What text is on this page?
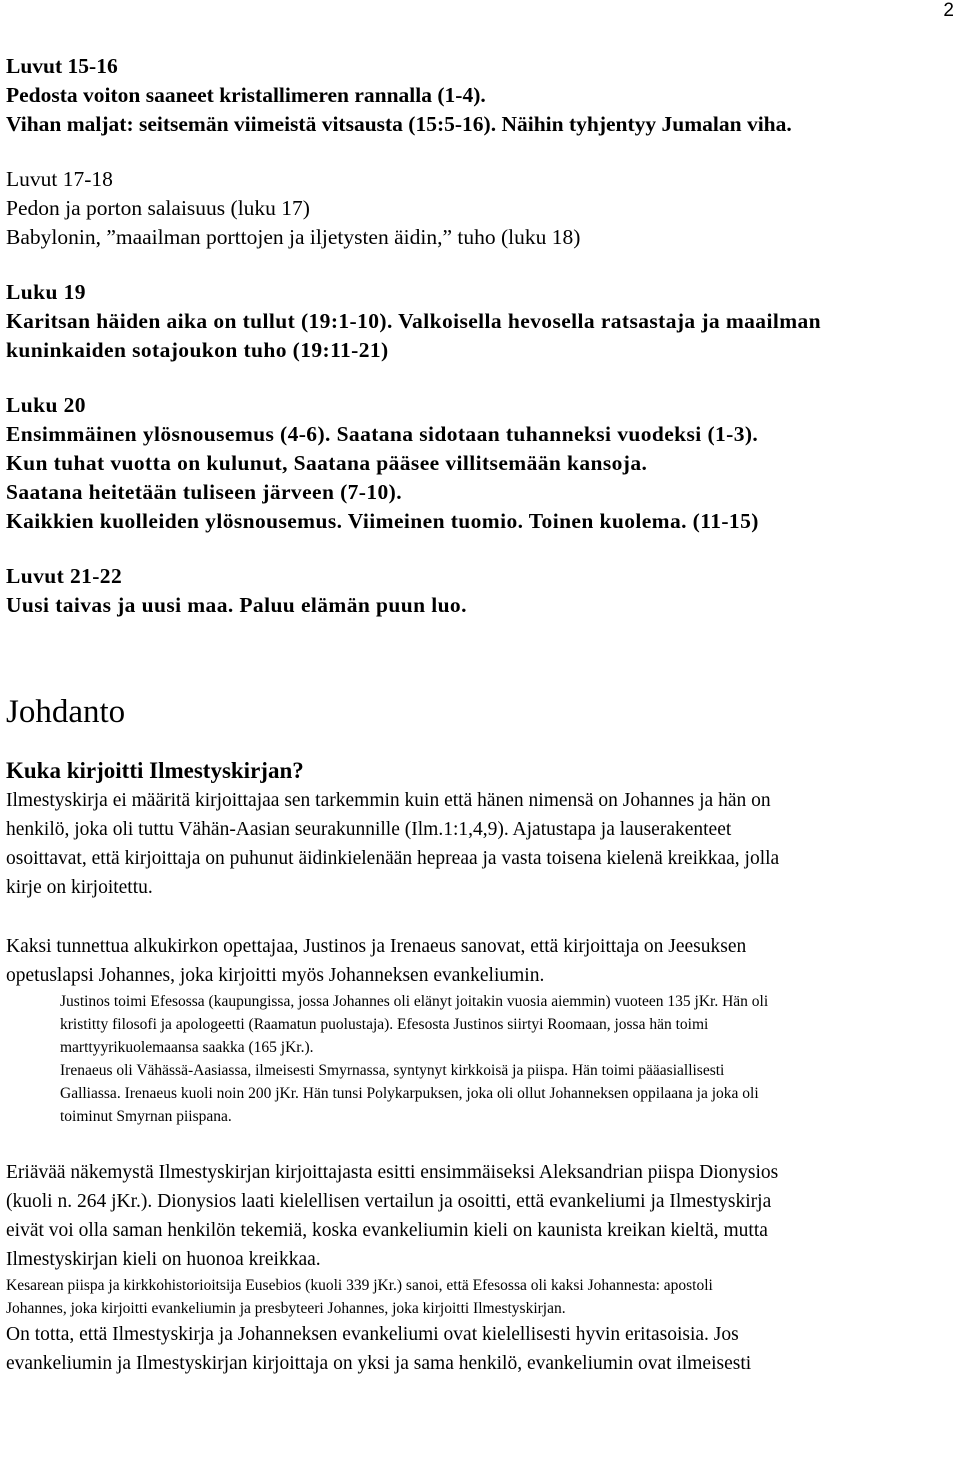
2
Luvut 15-16
Pedosta voiton saaneet kristallimeren rannalla (1-4).
Vihan maljat: seitsemän viimeistä vitsausta (15:5-16). Näihin tyhjentyy Jumalan viha.
Luvut 17-18
Pedon ja porton salaisuus (luku 17)
Babylonin, ”maailman porttojen ja iljetysten äidin,” tuho (luku 18)
Luku 19
Karitsan häiden aika on tullut (19:1-10). Valkoisella hevosella ratsastaja ja maailman
kuninkaiden sotajoukon tuho (19:11-21)
Luku 20
Ensimmäinen ylösnousemus (4-6). Saatana sidotaan tuhanneksi vuodeksi (1-3).
Kun tuhat vuotta on kulunut, Saatana pääsee villitsemään kansoja.
Saatana heitetään tuliseen järveen (7-10).
Kaikkien kuolleiden ylösnousemus. Viimeinen tuomio. Toinen kuolema. (11-15)
Luvut 21-22
Uusi taivas ja uusi maa. Paluu elämän puun luo.
Johdanto
Kuka kirjoitti Ilmestyskirjan?
Ilmestyskirja ei määritä kirjoittajaa sen tarkemmin kuin että hänen nimensä on Johannes ja hän on
henkilö, joka oli tuttu Vähän-Aasian seurakunnille (Ilm.1:1,4,9). Ajatustapa ja lauserakenteet
osoittavat, että kirjoittaja on puhunut äidinkielenään hepreaa ja vasta toisena kielenä kreikkaa, jolla
kirje on kirjoitettu.
Kaksi tunnettua alkukirkon opettajaa, Justinos ja Irenaeus sanovat, että kirjoittaja on Jeesuksen
opetuslapsi Johannes, joka kirjoitti myös Johanneksen evankeliumin.
Justinos toimi Efesossa (kaupungissa, jossa Johannes oli elänyt joitakin vuosia aiemmin) vuoteen 135 jKr. Hän oli
kristitty filosofi ja apologeetti (Raamatun puolustaja). Efesosta Justinos siirtyi Roomaan, jossa hän toimi
marttyyrikuolemaansa saakka (165 jKr.).
Irenaeus oli Vähässä-Aasiassa, ilmeisesti Smyrnassa, syntynyt kirkkoisä ja piispa. Hän toimi pääasiallisesti
Galliassa. Irenaeus kuoli noin 200 jKr. Hän tunsi Polykarpuksen, joka oli ollut Johanneksen oppilaana ja joka oli
toiminut Smyrnan piispana.
Eriävää näkemystä Ilmestyskirjan kirjoittajasta esitti ensimmäiseksi Aleksandrian piispa Dionysios
(kuoli n. 264 jKr.). Dionysios laati kielellisen vertailun ja osoitti, että evankeliumi ja Ilmestyskirja
eivät voi olla saman henkilön tekemiä, koska evankeliumin kieli on kaunista kreikan kieltä, mutta
Ilmestyskirjan kieli on huonoa kreikkaa.
Kesarean piispa ja kirkkohistorioitsija Eusebios (kuoli 339 jKr.) sanoi, että Efesossa oli kaksi Johannesta: apostoli
Johannes, joka kirjoitti evankeliumin ja presbyteeri Johannes, joka kirjoitti Ilmestyskirjan.
On totta, että Ilmestyskirja ja Johanneksen evankeliumi ovat kielellisesti hyvin eritasoisia. Jos
evankeliumin ja Ilmestyskirjan kirjoittaja on yksi ja sama henkilö, evankeliumin ovat ilmeisesti
